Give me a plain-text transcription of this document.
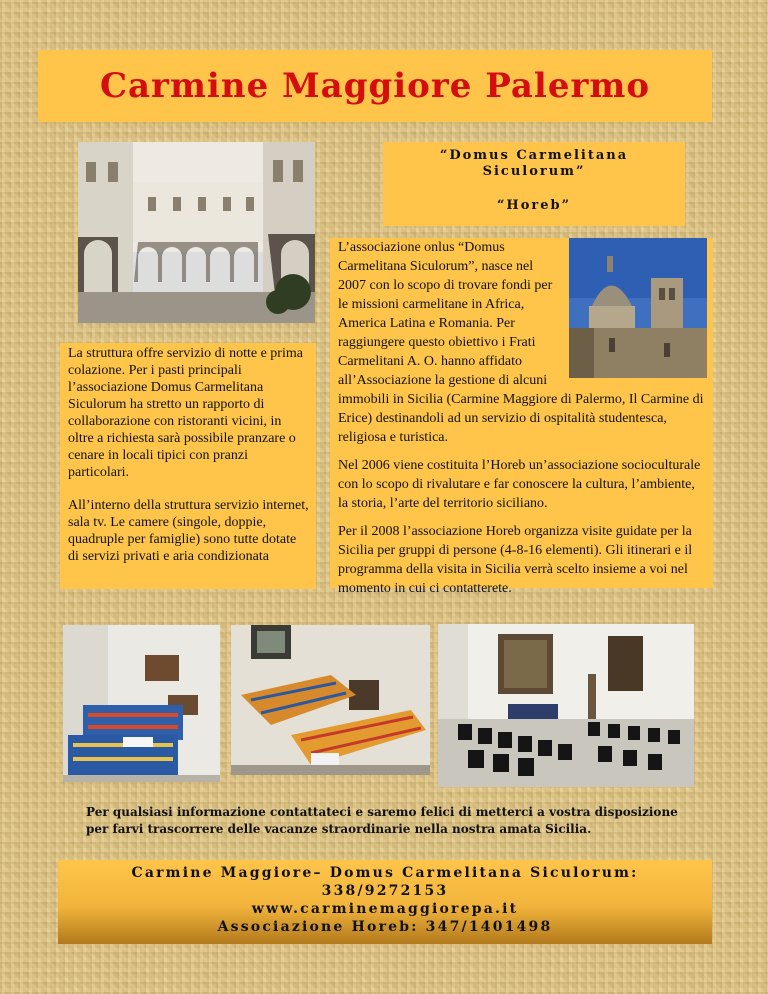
Carmine Maggiore Palermo
“Domus Carmelitana
Siculorum”
“Horeb”

La struttura offre servizio di notte e prima colazione. Per i pasti principali l’associazione Domus Carmelitana Siculorum ha stretto un rapporto di collaborazione con ristoranti vicini, in oltre a richiesta sarà possibile pranzare o cenare in locali tipici con pranzi particolari.

All’interno della struttura servizio internet, sala tv. Le camere (singole, doppie, quadruple per famiglie) sono tutte dotate di servizi privati e aria condizionata

L’associazione onlus “Domus Carmelitana Siculorum”, nasce nel 2007 con lo scopo di trovare fondi per le missioni carmelitane in Africa, America Latina e Romania. Per raggiungere questo obiettivo i Frati Carmelitani A. O. hanno affidato all’Associazione la gestione di alcuni immobili in Sicilia (Carmine Maggiore di Palermo, Il Carmine di Erice) destinandoli ad un servizio di ospitalità studentesca, religiosa e turistica.

Nel 2006 viene costituita l’Horeb un’associazione socioculturale con lo scopo di rivalutare e far conoscere la cultura, l’ambiente, la storia, l’arte del territorio siciliano.

Per il 2008 l’associazione Horeb organizza visite guidate per la Sicilia per gruppi di persone (4-8-16 elementi). Gli itinerari e il programma della visita in Sicilia verrà scelto insieme a voi nel momento in cui ci contatterete.

Per qualsiasi informazione contattateci e saremo felici di metterci a vostra disposizione per farvi trascorrere delle vacanze straordinarie nella nostra amata Sicilia.
Carmine Maggiore– Domus Carmelitana Siculorum:
338/9272153
www.carminemaggiorepa.it
Associazione Horeb: 347/1401498
